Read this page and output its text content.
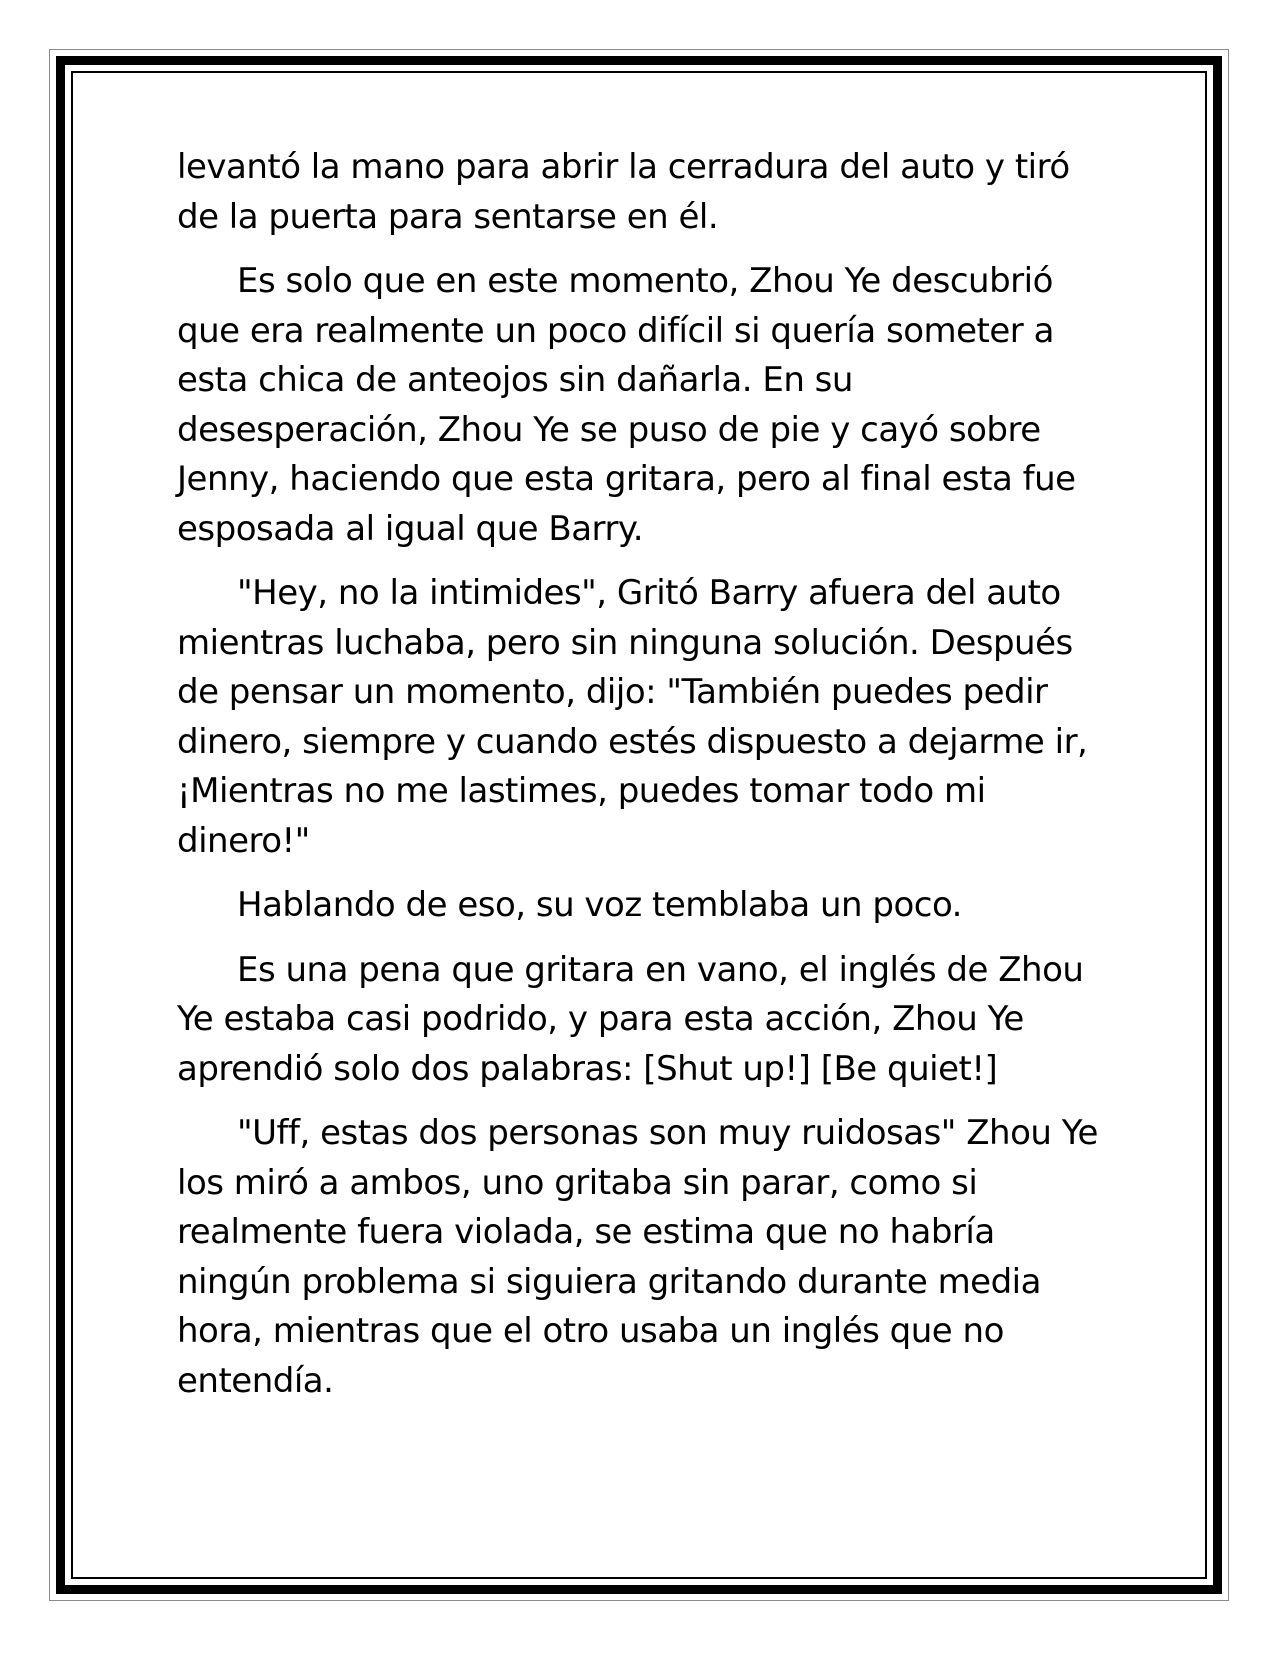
levantó la mano para abrir la cerradura del auto y tiró de la puerta para sentarse en él.

Es solo que en este momento, Zhou Ye descubrió que era realmente un poco difícil si quería someter a esta chica de anteojos sin dañarla. En su desesperación, Zhou Ye se puso de pie y cayó sobre Jenny, haciendo que esta gritara, pero al final esta fue esposada al igual que Barry.

"Hey, no la intimides", Gritó Barry afuera del auto mientras luchaba, pero sin ninguna solución. Después de pensar un momento, dijo: "También puedes pedir dinero, siempre y cuando estés dispuesto a dejarme ir, ¡Mientras no me lastimes, puedes tomar todo mi dinero!"

Hablando de eso, su voz temblaba un poco.

Es una pena que gritara en vano, el inglés de Zhou Ye estaba casi podrido, y para esta acción, Zhou Ye aprendió solo dos palabras: [Shut up!] [Be quiet!]

"Uff, estas dos personas son muy ruidosas" Zhou Ye los miró a ambos, uno gritaba sin parar, como si realmente fuera violada, se estima que no habría ningún problema si siguiera gritando durante media hora, mientras que el otro usaba un inglés que no entendía.
